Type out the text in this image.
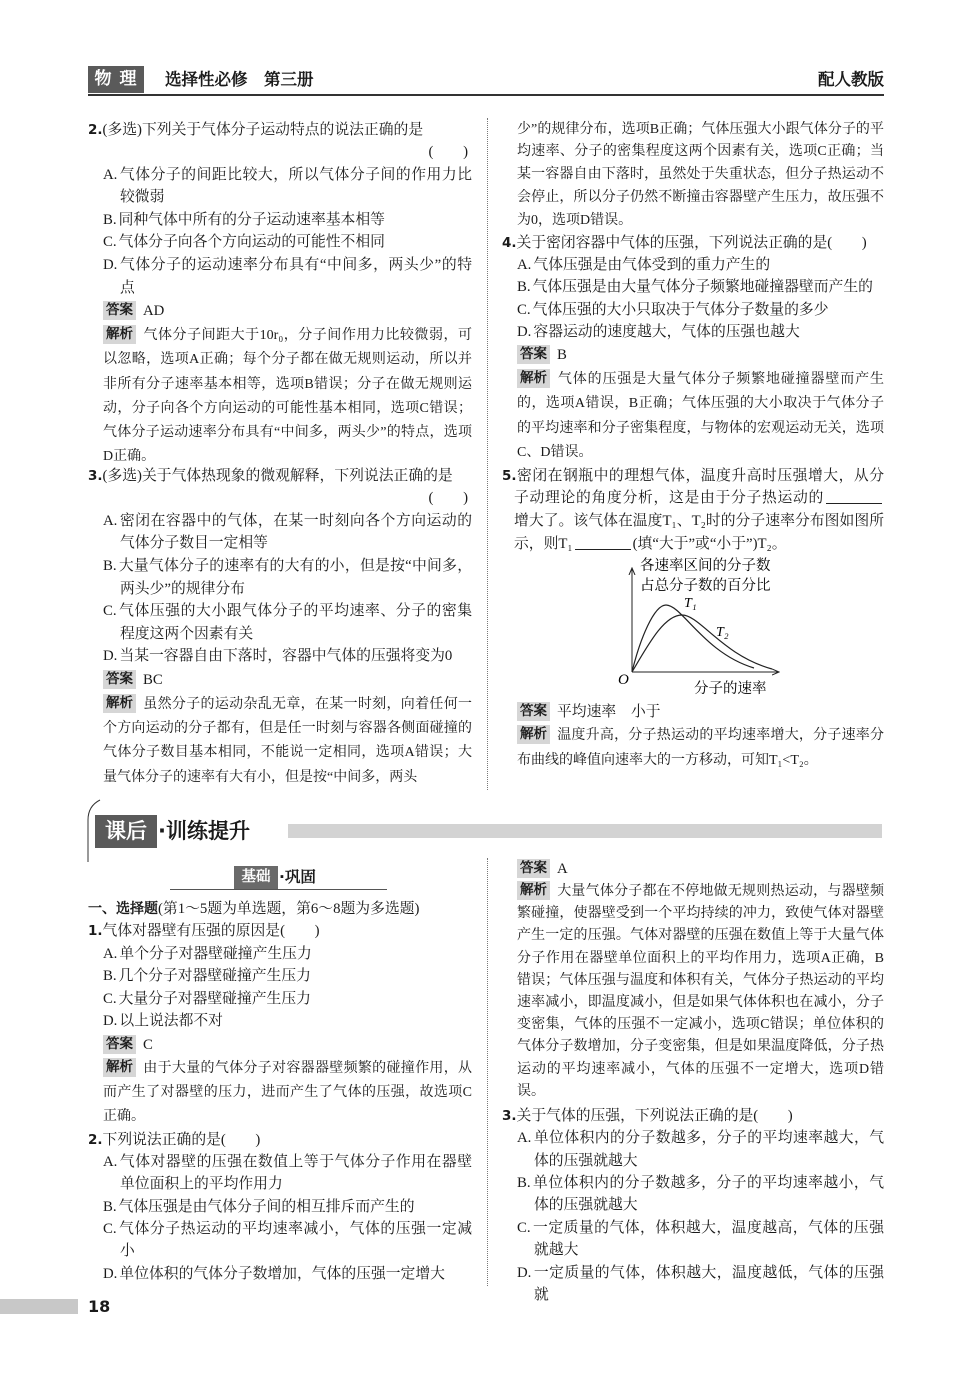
物 理	选择性必修　第三册	配人教版
2.(多选)下列关于气体分子运动特点的说法正确的是
(　　)
A. 气体分子的间距比较大，所以气体分子间的作用力比较微弱
B. 同种气体中所有的分子运动速率基本相等
C. 气体分子向各个方向运动的可能性不相同
D. 气体分子的运动速率分布具有“中间多，两头少”的特点
答案 AD
解析 气体分子间距大于10r₀，分子间作用力比较微弱，可以忽略，选项A正确；每个分子都在做无规则运动，所以并非所有分子速率基本相等，选项B错误；分子在做无规则运动，分子向各个方向运动的可能性基本相同，选项C错误；气体分子运动速率分布具有“中间多，两头少”的特点，选项D正确。
3.(多选)关于气体热现象的微观解释，下列说法正确的是
(　　)
A. 密闭在容器中的气体，在某一时刻向各个方向运动的气体分子数目一定相等
B. 大量气体分子的速率有的大有的小，但是按“中间多，两头少”的规律分布
C. 气体压强的大小跟气体分子的平均速率、分子的密集程度这两个因素有关
D. 当某一容器自由下落时，容器中气体的压强将变为0
答案 BC
解析 虽然分子的运动杂乱无章，在某一时刻，向着任何一个方向运动的分子都有，但是任一时刻与容器各侧面碰撞的气体分子数目基本相同，不能说一定相同，选项A错误；大量气体分子的速率有大有小，但是按“中间多，两头
少”的规律分布，选项B正确；气体压强大小跟气体分子的平均速率、分子的密集程度这两个因素有关，选项C正确；当某一容器自由下落时，虽然处于失重状态，但分子热运动不会停止，所以分子仍然不断撞击容器壁产生压力，故压强不为0，选项D错误。
4.关于密闭容器中气体的压强，下列说法正确的是(　　)
A. 气体压强是由气体受到的重力产生的
B. 气体压强是由大量气体分子频繁地碰撞器壁而产生的
C. 气体压强的大小只取决于气体分子数量的多少
D. 容器运动的速度越大，气体的压强也越大
答案 B
解析 气体的压强是大量气体分子频繁地碰撞器壁而产生的，选项A错误，B正确；气体压强的大小取决于气体分子的平均速率和分子密集程度，与物体的宏观运动无关，选项C、D错误。
5.密闭在钢瓶中的理想气体，温度升高时压强增大，从分子动理论的角度分析，这是由于分子热运动的增大了。该气体在温度T₁、T₂时的分子速率分布图如图所示，则T₁	(填“大于”或“小于”)T₂。
各速率区间的分子数
占总分子数的百分比
T₁
T₂
O
分子的速率
答案 平均速率　小于
解析 温度升高，分子热运动的平均速率增大，分子速率分布曲线的峰值向速率大的一方移动，可知T₁<T₂。
课后 ·训练提升
基础 ·巩固
一、选择题(第1～5题为单选题，第6～8题为多选题)
1.气体对器壁有压强的原因是(　　)
A. 单个分子对器壁碰撞产生压力
B. 几个分子对器壁碰撞产生压力
C. 大量分子对器壁碰撞产生压力
D. 以上说法都不对
答案 C
解析 由于大量的气体分子对容器器壁频繁的碰撞作用，从而产生了对器壁的压力，进而产生了气体的压强，故选项C正确。
2.下列说法正确的是(　　)
A. 气体对器壁的压强在数值上等于气体分子作用在器壁单位面积上的平均作用力
B. 气体压强是由气体分子间的相互排斥而产生的
C. 气体分子热运动的平均速率减小，气体的压强一定减小
D. 单位体积的气体分子数增加，气体的压强一定增大
答案 A
解析 大量气体分子都在不停地做无规则热运动，与器壁频繁碰撞，使器壁受到一个平均持续的冲力，致使气体对器壁产生一定的压强。气体对器壁的压强在数值上等于大量气体分子作用在器壁单位面积上的平均作用力，选项A正确，B错误；气体压强与温度和体积有关，气体分子热运动的平均速率减小，即温度减小，但是如果气体体积也在减小，分子变密集，气体的压强不一定减小，选项C错误；单位体积的气体分子数增加，分子变密集，但是如果温度降低，分子热运动的平均速率减小，气体的压强不一定增大，选项D错误。
3.关于气体的压强，下列说法正确的是(　　)
A. 单位体积内的分子数越多，分子的平均速率越大，气体的压强就越大
B. 单位体积内的分子数越多，分子的平均速率越小，气体的压强就越大
C. 一定质量的气体，体积越大，温度越高，气体的压强就越大
D. 一定质量的气体，体积越大，温度越低，气体的压强就
18
